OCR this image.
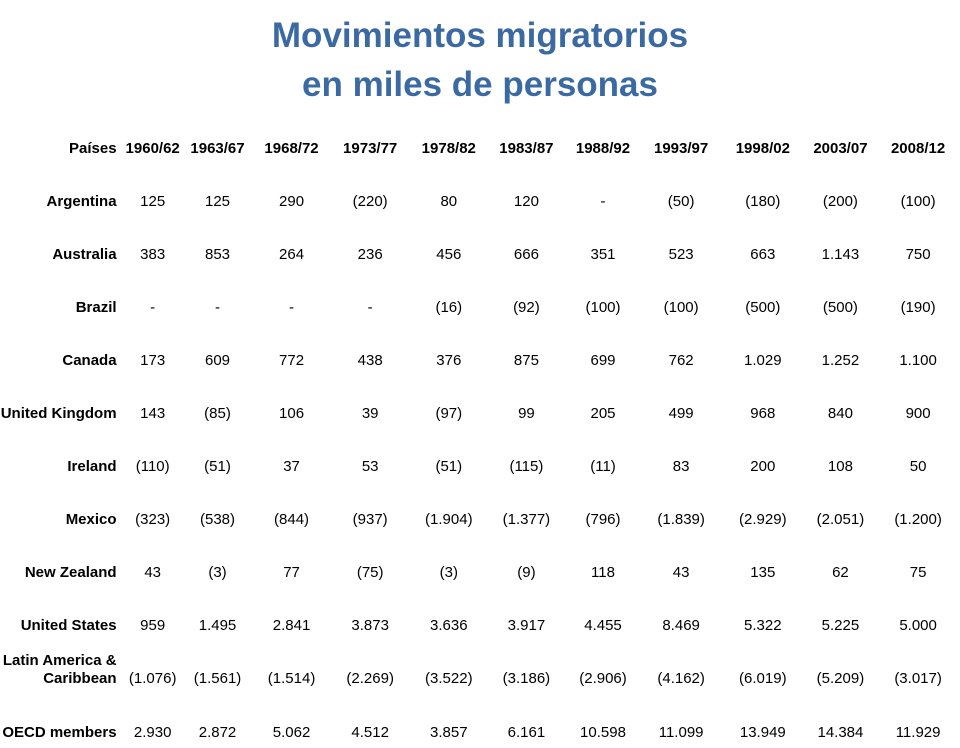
Movimientos migratorios
en miles de personas
Países	1960/62	1963/67	1968/72	1973/77	1978/82	1983/87	1988/92	1993/97	1998/02	2003/07	2008/12
Argentina	125	125	290	(220)	80	120	-	(50)	(180)	(200)	(100)
Australia	383	853	264	236	456	666	351	523	663	1.143	750
Brazil	-	-	-	-	(16)	(92)	(100)	(100)	(500)	(500)	(190)
Canada	173	609	772	438	376	875	699	762	1.029	1.252	1.100
United Kingdom	143	(85)	106	39	(97)	99	205	499	968	840	900
Ireland	(110)	(51)	37	53	(51)	(115)	(11)	83	200	108	50
Mexico	(323)	(538)	(844)	(937)	(1.904)	(1.377)	(796)	(1.839)	(2.929)	(2.051)	(1.200)
New Zealand	43	(3)	77	(75)	(3)	(9)	118	43	135	62	75
United States	959	1.495	2.841	3.873	3.636	3.917	4.455	8.469	5.322	5.225	5.000
Latin America & Caribbean	(1.076)	(1.561)	(1.514)	(2.269)	(3.522)	(3.186)	(2.906)	(4.162)	(6.019)	(5.209)	(3.017)
OECD members	2.930	2.872	5.062	4.512	3.857	6.161	10.598	11.099	13.949	14.384	11.929
